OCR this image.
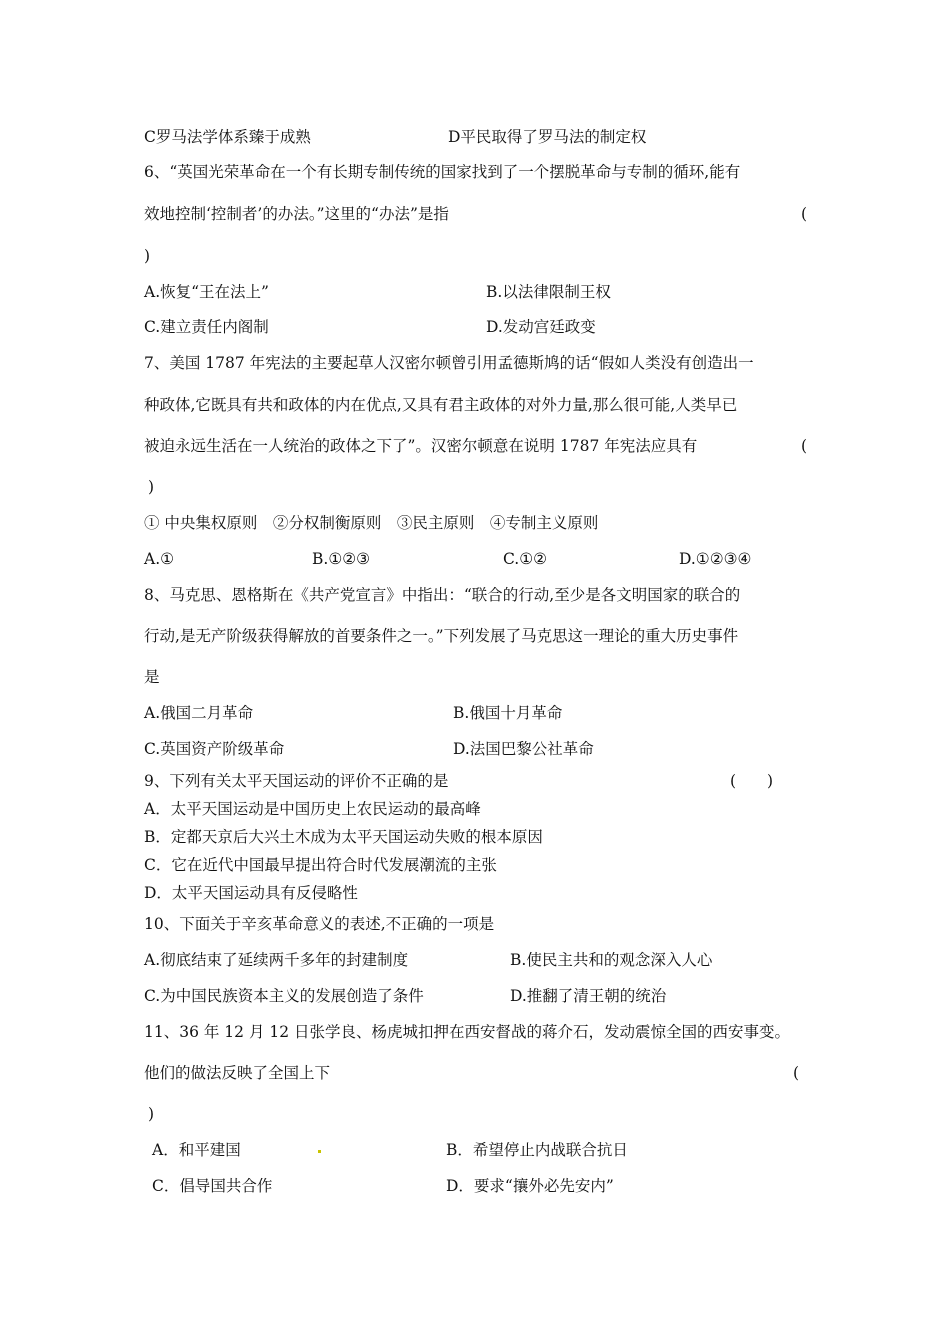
C罗马法学体系臻于成熟	D平民取得了罗马法的制定权
6、“英国光荣革命在一个有长期专制传统的国家找到了一个摆脱革命与专制的循环,能有
效地控制‘控制者’的办法。”这里的“办法”是指	(
)
A.恢复“王在法上”	B.以法律限制王权
C.建立责任内阁制	D.发动宫廷政变
7、美国 1787 年宪法的主要起草人汉密尔顿曾引用孟德斯鸠的话“假如人类没有创造出一
种政体,它既具有共和政体的内在优点,又具有君主政体的对外力量,那么很可能,人类早已
被迫永远生活在一人统治的政体之下了”。汉密尔顿意在说明 1787 年宪法应具有	(
)
① 中央集权原则　②分权制衡原则　③民主原则　④专制主义原则
A.①	B.①②③	C.①②	D.①②③④
8、马克思、恩格斯在《共产党宣言》中指出：“联合的行动,至少是各文明国家的联合的
行动,是无产阶级获得解放的首要条件之一。”下列发展了马克思这一理论的重大历史事件
是
A.俄国二月革命	B.俄国十月革命
C.英国资产阶级革命	D.法国巴黎公社革命
9、下列有关太平天国运动的评价不正确的是	(　　)
A．太平天国运动是中国历史上农民运动的最高峰
B．定都天京后大兴土木成为太平天国运动失败的根本原因
C．它在近代中国最早提出符合时代发展潮流的主张
D．太平天国运动具有反侵略性
10、下面关于辛亥革命意义的表述,不正确的一项是
A.彻底结束了延续两千多年的封建制度	B.使民主共和的观念深入人心
C.为中国民族资本主义的发展创造了条件	D.推翻了清王朝的统治
11、36 年 12 月 12 日张学良、杨虎城扣押在西安督战的蒋介石，发动震惊全国的西安事变。
他们的做法反映了全国上下	(
)
A．和平建国	B．希望停止内战联合抗日
C．倡导国共合作	D．要求“攘外必先安内”
